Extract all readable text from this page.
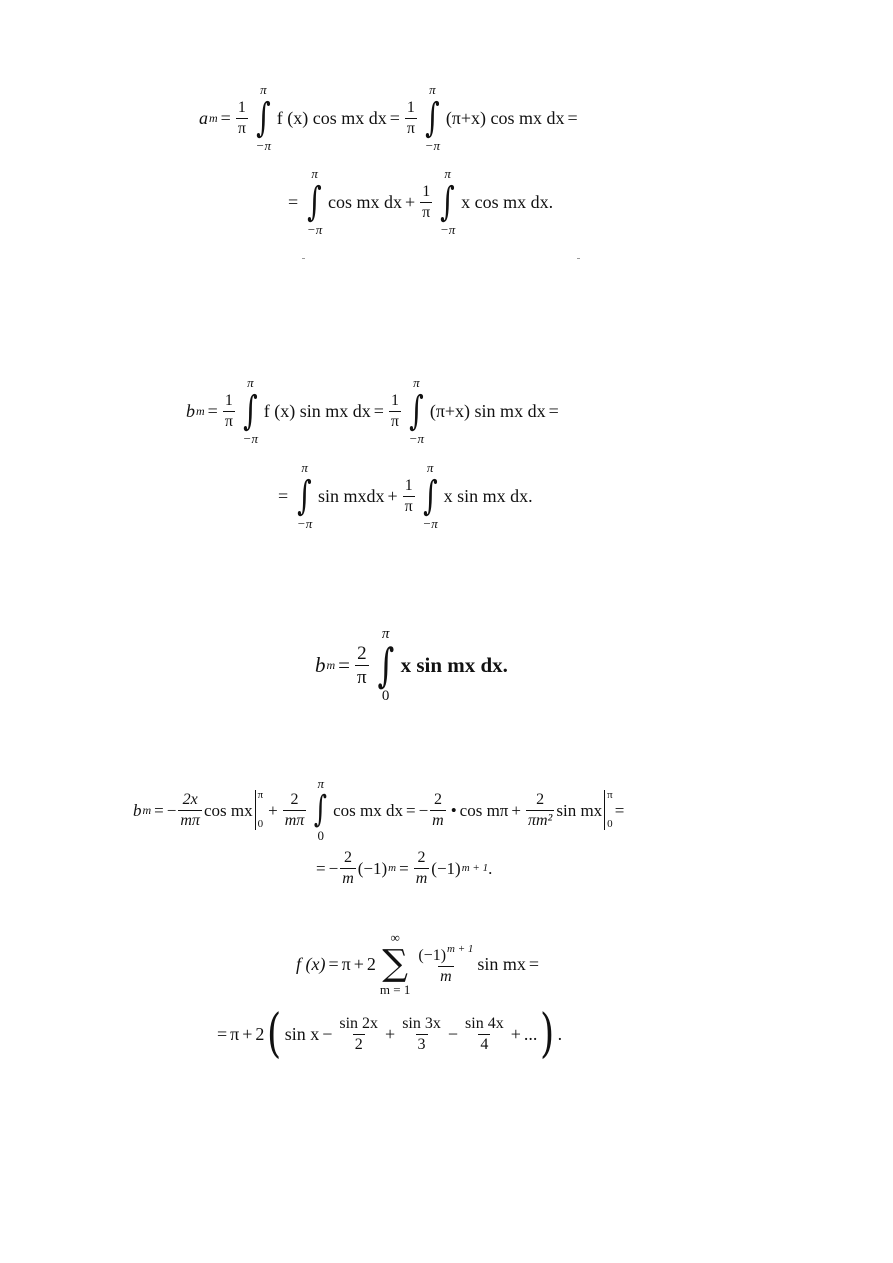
a $m = \frac{1}{\pi}$
π
∫
−π
f (x) cos mx dx = $\frac{1}{\pi}$
π
∫
−π
(π+x) cos mx dx =
=
π
∫
−π
cos mx dx + $\frac{1}{\pi}$
π
∫
−π
x cos mx dx.
b $m = \frac{1}{\pi}$
π
∫
−π
f (x) sin mx dx = $\frac{1}{\pi}$
π
∫
−π
(π+x) sin mx dx =
=
π
∫
−π
sin mxdx + $\frac{1}{\pi}$
π
∫
−π
x sin mx dx.
b $m = \frac{2}{\pi}$
π
∫
0
x sin mx dx.
b m = − $\frac{2x}{m\pi}$ cos mx
π
0
+ $\frac{2}{m\pi}$
π
∫
0
cos mx dx = − $\frac{2}{m}$ • $\cos m\pi + \frac{2}{\text{πm²}}$ sin mx
π
0
=
= − $\frac{2}{m} (-1) m = \frac{2}{m} (-1) m + 1$ .
f (x) = π + 2
∞
∑
m = 1
$\frac{(-1)^{m + 1}}{m}$ sin mx =
= π + 2 ( $\sin x - \frac{\sin 2x}{2} + \frac{\sin 3x}{3} - \frac{\sin 4x}{4}$ + ... ) .
